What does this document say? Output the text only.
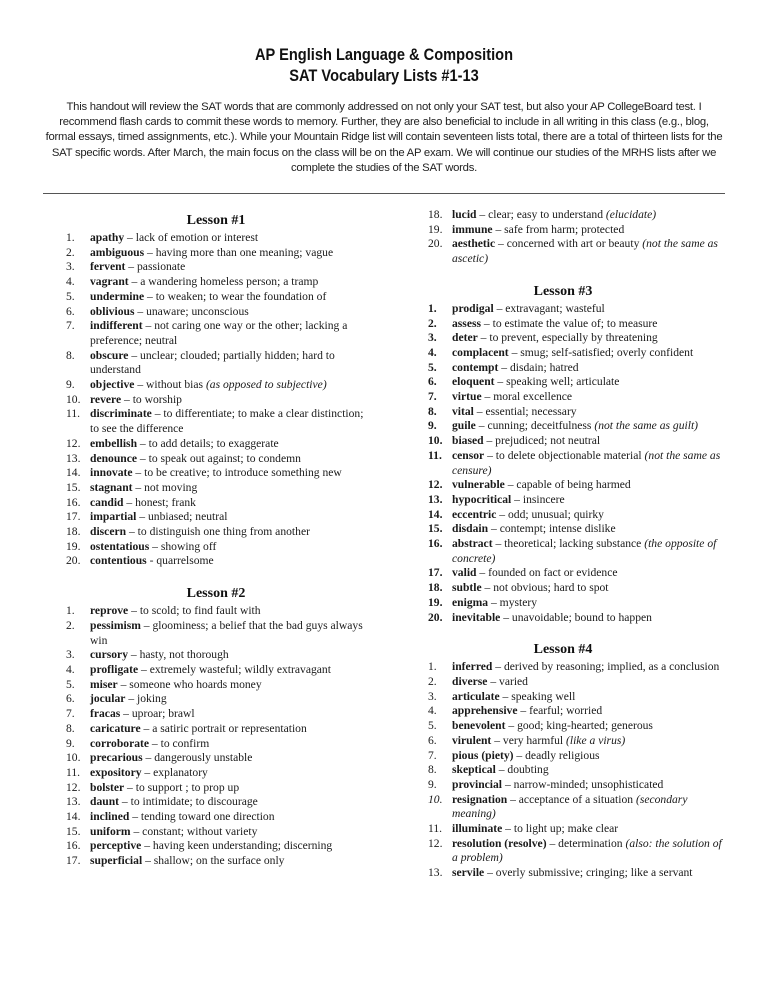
AP English Language & Composition
SAT Vocabulary Lists #1-13
This handout will review the SAT words that are commonly addressed on not only your SAT test, but also your AP CollegeBoard test. I recommend flash cards to commit these words to memory. Further, they are also beneficial to include in all writing in this class (e.g., blog, formal essays, timed assignments, etc.). While your Mountain Ridge list will contain seventeen lists total, there are a total of thirteen lists for the SAT specific words. After March, the main focus on the class will be on the AP exam. We will continue our studies of the MRHS lists after we complete the studies of the SAT words.
Lesson #1
1. apathy – lack of emotion or interest
2. ambiguous – having more than one meaning; vague
3. fervent – passionate
4. vagrant – a wandering homeless person; a tramp
5. undermine – to weaken; to wear the foundation of
6. oblivious – unaware; unconscious
7. indifferent – not caring one way or the other; lacking a preference; neutral
8. obscure – unclear; clouded; partially hidden; hard to understand
9. objective – without bias (as opposed to subjective)
10. revere – to worship
11. discriminate – to differentiate; to make a clear distinction; to see the difference
12. embellish – to add details; to exaggerate
13. denounce – to speak out against; to condemn
14. innovate – to be creative; to introduce something new
15. stagnant – not moving
16. candid – honest; frank
17. impartial – unbiased; neutral
18. discern – to distinguish one thing from another
19. ostentatious – showing off
20. contentious - quarrelsome
Lesson #2
1. reprove – to scold; to find fault with
2. pessimism – gloominess; a belief that the bad guys always win
3. cursory – hasty, not thorough
4. profligate – extremely wasteful; wildly extravagant
5. miser – someone who hoards money
6. jocular – joking
7. fracas – uproar; brawl
8. caricature – a satiric portrait or representation
9. corroborate – to confirm
10. precarious – dangerously unstable
11. expository – explanatory
12. bolster – to support ; to prop up
13. daunt – to intimidate; to discourage
14. inclined – tending toward one direction
15. uniform – constant; without variety
16. perceptive – having keen understanding; discerning
17. superficial – shallow; on the surface only
18. lucid – clear; easy to understand (elucidate)
19. immune – safe from harm; protected
20. aesthetic – concerned with art or beauty (not the same as ascetic)
Lesson #3
1. prodigal – extravagant; wasteful
2. assess – to estimate the value of; to measure
3. deter – to prevent, especially by threatening
4. complacent – smug; self-satisfied; overly confident
5. contempt – disdain; hatred
6. eloquent – speaking well; articulate
7. virtue – moral excellence
8. vital – essential; necessary
9. guile – cunning; deceitfulness (not the same as guilt)
10. biased – prejudiced; not neutral
11. censor – to delete objectionable material (not the same as censure)
12. vulnerable – capable of being harmed
13. hypocritical – insincere
14. eccentric – odd; unusual; quirky
15. disdain – contempt; intense dislike
16. abstract – theoretical; lacking substance (the opposite of concrete)
17. valid – founded on fact or evidence
18. subtle – not obvious; hard to spot
19. enigma – mystery
20. inevitable – unavoidable; bound to happen
Lesson #4
1. inferred – derived by reasoning; implied, as a conclusion
2. diverse – varied
3. articulate – speaking well
4. apprehensive – fearful; worried
5. benevolent – good; king-hearted; generous
6. virulent – very harmful (like a virus)
7. pious (piety) – deadly religious
8. skeptical – doubting
9. provincial – narrow-minded; unsophisticated
10. resignation – acceptance of a situation (secondary meaning)
11. illuminate – to light up; make clear
12. resolution (resolve) – determination (also: the solution of a problem)
13. servile – overly submissive; cringing; like a servant
